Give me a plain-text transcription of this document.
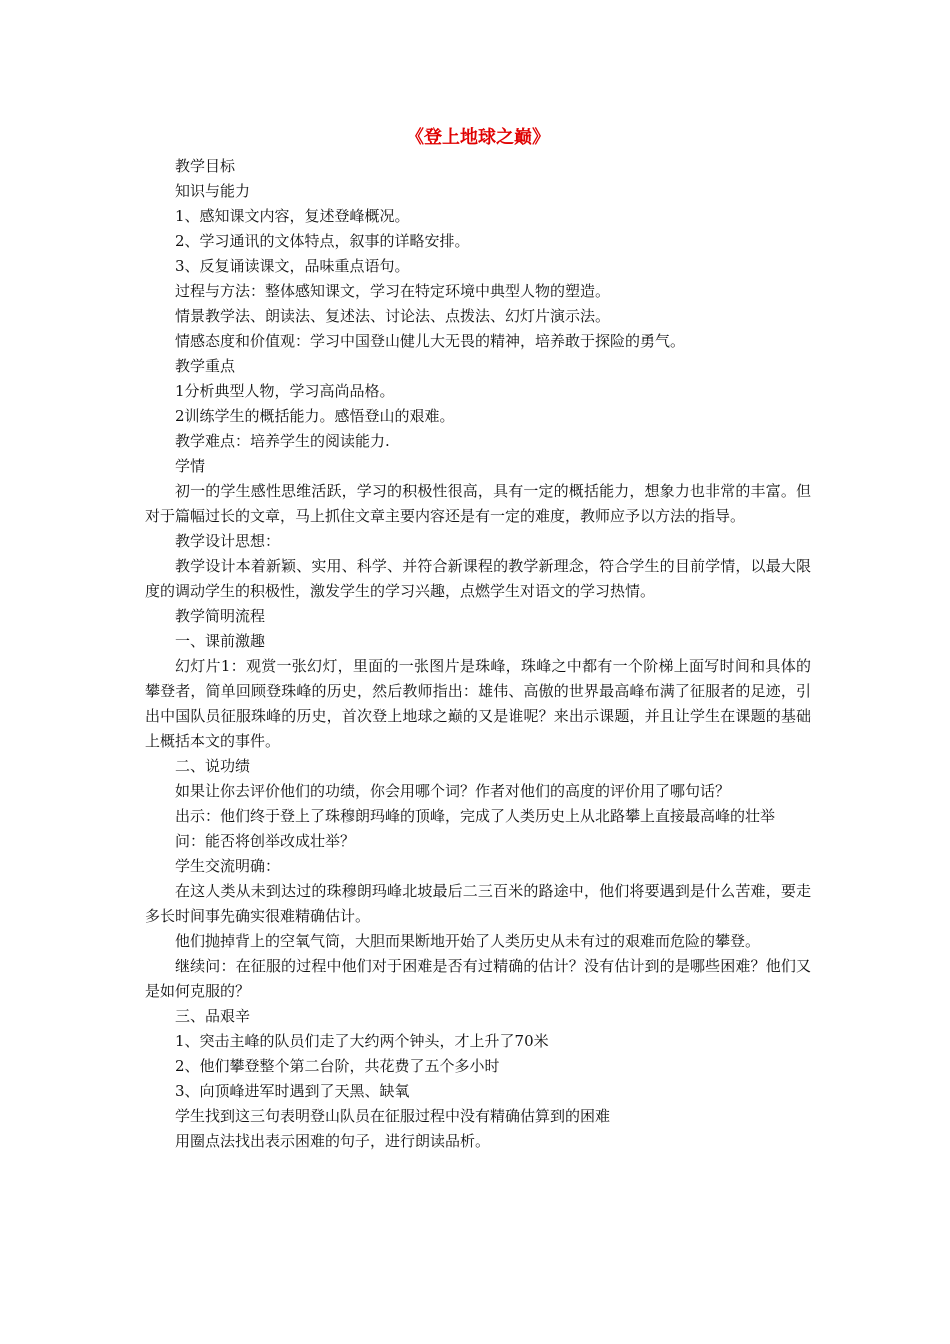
《登上地球之巅》

教学目标

知识与能力

1、感知课文内容，复述登峰概况。

2、学习通讯的文体特点，叙事的详略安排。

3、反复诵读课文，品味重点语句。

过程与方法：整体感知课文，学习在特定环境中典型人物的塑造。

情景教学法、朗读法、复述法、讨论法、点拨法、幻灯片演示法。

情感态度和价值观：学习中国登山健儿大无畏的精神，培养敢于探险的勇气。

教学重点

1分析典型人物，学习高尚品格。

2训练学生的概括能力。感悟登山的艰难。

教学难点：培养学生的阅读能力.

学情

初一的学生感性思维活跃，学习的积极性很高，具有一定的概括能力，想象力也非常的丰富。但对于篇幅过长的文章，马上抓住文章主要内容还是有一定的难度，教师应予以方法的指导。

教学设计思想：

教学设计本着新颖、实用、科学、并符合新课程的教学新理念，符合学生的目前学情，以最大限度的调动学生的积极性，激发学生的学习兴趣，点燃学生对语文的学习热情。

教学简明流程

一、课前激趣

幻灯片1：观赏一张幻灯，里面的一张图片是珠峰，珠峰之中都有一个阶梯上面写时间和具体的攀登者，简单回顾登珠峰的历史，然后教师指出：雄伟、高傲的世界最高峰布满了征服者的足迹，引出中国队员征服珠峰的历史，首次登上地球之巅的又是谁呢？来出示课题，并且让学生在课题的基础上概括本文的事件。

二、说功绩

如果让你去评价他们的功绩，你会用哪个词？作者对他们的高度的评价用了哪句话？

出示：他们终于登上了珠穆朗玛峰的顶峰，完成了人类历史上从北路攀上直接最高峰的壮举

问：能否将创举改成壮举？

学生交流明确：

在这人类从未到达过的珠穆朗玛峰北坡最后二三百米的路途中，他们将要遇到是什么苦难，要走多长时间事先确实很难精确估计。

他们抛掉背上的空氧气筒，大胆而果断地开始了人类历史从未有过的艰难而危险的攀登。

继续问：在征服的过程中他们对于困难是否有过精确的估计？没有估计到的是哪些困难？他们又是如何克服的？

三、品艰辛

1、突击主峰的队员们走了大约两个钟头，才上升了70米

2、他们攀登整个第二台阶，共花费了五个多小时

3、向顶峰进军时遇到了天黑、缺氧

学生找到这三句表明登山队员在征服过程中没有精确估算到的困难

用圈点法找出表示困难的句子，进行朗读品析。
